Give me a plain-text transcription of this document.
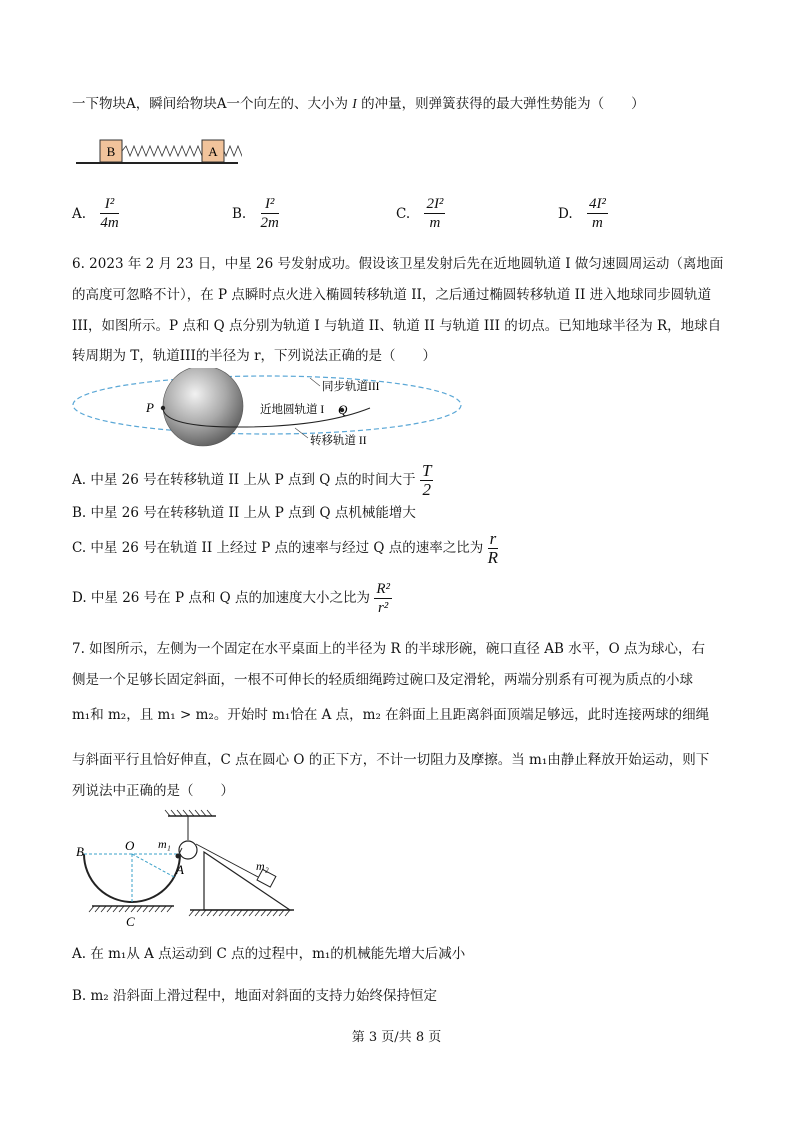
一下物块A，瞬间给物块A一个向左的、大小为 I 的冲量，则弹簧获得的最大弹性势能为（　　）
B	A
A. $\frac{\text{I²}}{4m}$	B. $\frac{\text{I²}}{2m}$	C. $\frac{\text{2I²}}{m}$	D. $\frac{\text{4I²}}{m}$
6. 2023 年 2 月 23 日，中星 26 号发射成功。假设该卫星发射后先在近地圆轨道 I 做匀速圆周运动（离地面
的高度可忽略不计），在 P 点瞬时点火进入椭圆转移轨道 II，之后通过椭圆转移轨道 II 进入地球同步圆轨道
III，如图所示。P 点和 Q 点分别为轨道 I 与轨道 II、轨道 II 与轨道 III 的切点。已知地球半径为 R，地球自
转周期为 T，轨道III的半径为 r，下列说法正确的是（　　）
P	Q
近地圆轨道 I
同步轨道III
转移轨道 II
A. 中星 26 号在转移轨道 II 上从 P 点到 Q 点的时间大于 $\frac{T}{2}$
B. 中星 26 号在转移轨道 II 上从 P 点到 Q 点机械能增大
C. 中星 26 号在轨道 II 上经过 P 点的速率与经过 Q 点的速率之比为 $\frac{r}{R}$
D. 中星 26 号在 P 点和 Q 点的加速度大小之比为 $\frac{\text{R²}}{\text{r²}}$
7. 如图所示，左侧为一个固定在水平桌面上的半径为 R 的半球形碗，碗口直径 AB 水平，O 点为球心，右
侧是一个足够长固定斜面，一根不可伸长的轻质细绳跨过碗口及定滑轮，两端分别系有可视为质点的小球
m₁和 m₂，且 m₁ > m₂。开始时 m₁恰在 A 点，m₂ 在斜面上且距离斜面顶端足够远，此时连接两球的细绳
与斜面平行且恰好伸直，C 点在圆心 O 的正下方，不计一切阻力及摩擦。当 m₁由静止释放开始运动，则下
列说法中正确的是（　　）
B	O m₁
A
C
m₂
A. 在 m₁从 A 点运动到 C 点的过程中，m₁的机械能先增大后减小
B. m₂ 沿斜面上滑过程中，地面对斜面的支持力始终保持恒定
第 3 页/共 8 页
